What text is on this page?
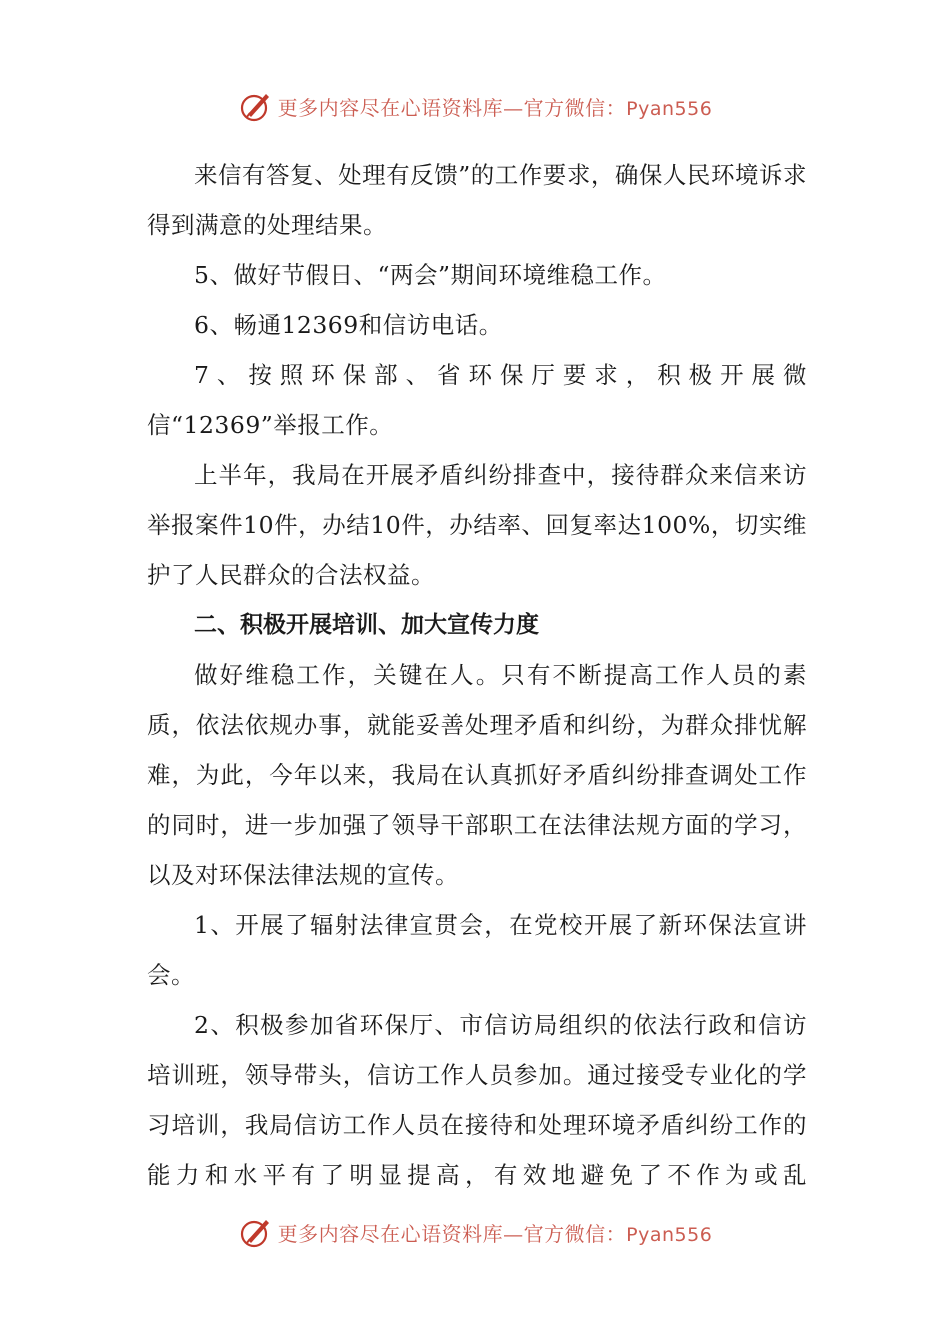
更多内容尽在心语资料库—官方微信：Pyan556

来信有答复、处理有反馈”的工作要求，确保人民环境诉求得到满意的处理结果。

5、做好节假日、“两会”期间环境维稳工作。

6、畅通12369和信访电话。

7、按照环保部、省环保厅要求，积极开展微信“12369”举报工作。

上半年，我局在开展矛盾纠纷排查中，接待群众来信来访举报案件10件，办结10件，办结率、回复率达100%，切实维护了人民群众的合法权益。

二、积极开展培训、加大宣传力度

做好维稳工作，关键在人。只有不断提高工作人员的素质，依法依规办事，就能妥善处理矛盾和纠纷，为群众排忧解难，为此，今年以来，我局在认真抓好矛盾纠纷排查调处工作的同时，进一步加强了领导干部职工在法律法规方面的学习，以及对环保法律法规的宣传。

1、开展了辐射法律宣贯会，在党校开展了新环保法宣讲会。

2、积极参加省环保厅、市信访局组织的依法行政和信访培训班，领导带头，信访工作人员参加。通过接受专业化的学习培训，我局信访工作人员在接待和处理环境矛盾纠纷工作的能力和水平有了明显提高，有效地避免了不作为或乱

更多内容尽在心语资料库—官方微信：Pyan556
